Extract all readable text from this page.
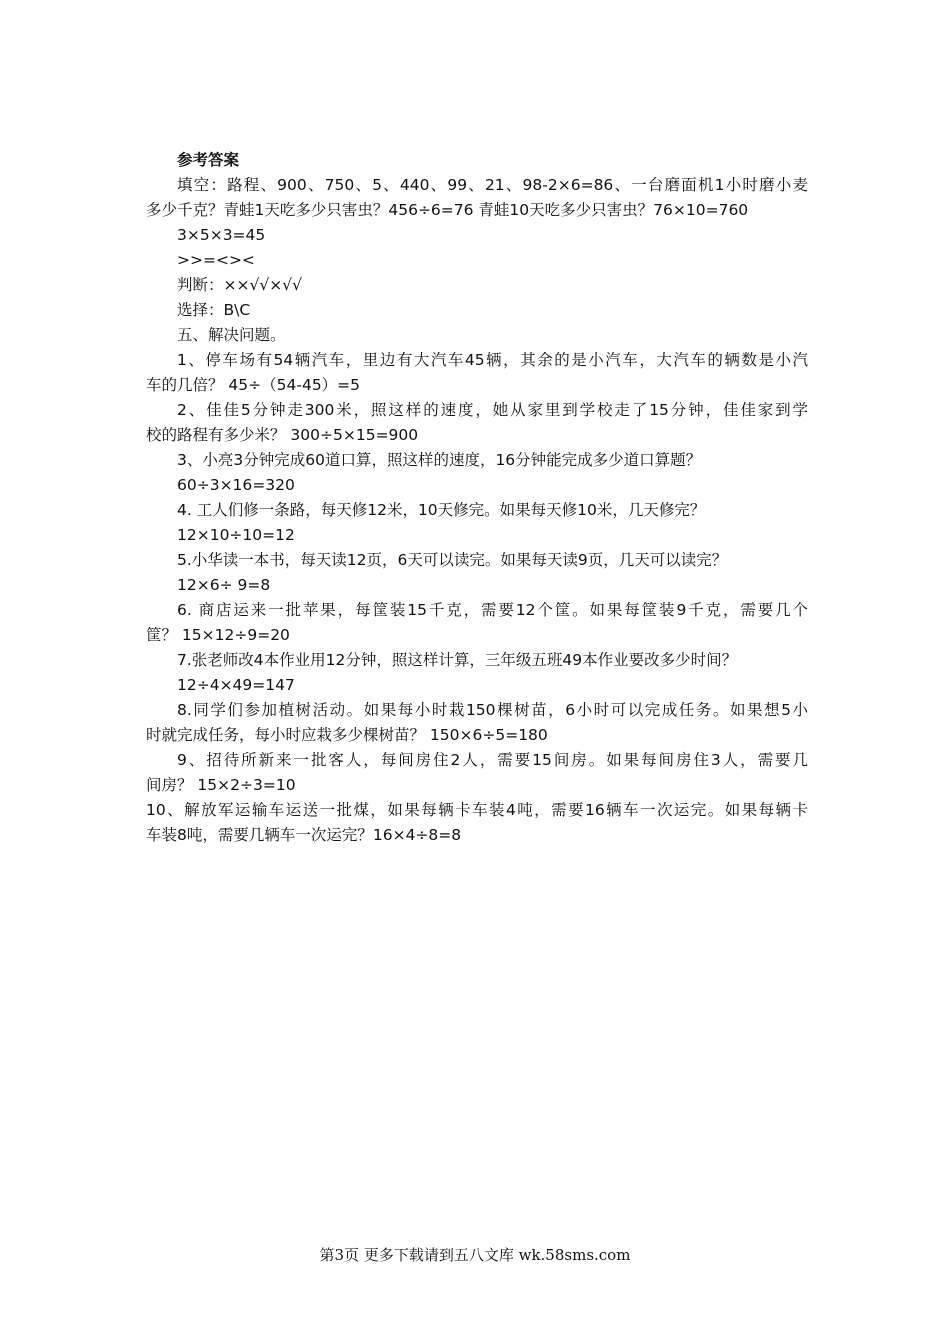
参考答案
填空：路程、900、750、5、440、99、21、98-2×6=86、一台磨面机1小时磨小麦
多少千克？青蛙1天吃多少只害虫？456÷6=76 青蛙10天吃多少只害虫？76×10=760
3×5×3=45
>>=<><
判断：××√√×√√
选择：B\C
五、解决问题。
1、停车场有54辆汽车，里边有大汽车45辆，其余的是小汽车，大汽车的辆数是小汽
车的几倍？ 45÷（54-45）=5
2、佳佳5分钟走300米，照这样的速度，她从家里到学校走了15分钟，佳佳家到学
校的路程有多少米？ 300÷5×15=900
3、小亮3分钟完成60道口算，照这样的速度，16分钟能完成多少道口算题？
60÷3×16=320
4. 工人们修一条路，每天修12米，10天修完。如果每天修10米，几天修完？
12×10÷10=12
5.小华读一本书，每天读12页，6天可以读完。如果每天读9页，几天可以读完？
12×6÷ 9=8
6. 商店运来一批苹果，每筐装15千克，需要12个筐。如果每筐装9千克，需要几个
筐？ 15×12÷9=20
7.张老师改4本作业用12分钟，照这样计算，三年级五班49本作业要改多少时间？
12÷4×49=147
8.同学们参加植树活动。如果每小时栽150棵树苗，6小时可以完成任务。如果想5小
时就完成任务，每小时应栽多少棵树苗？ 150×6÷5=180
9、招待所新来一批客人，每间房住2人，需要15间房。如果每间房住3人，需要几
间房？ 15×2÷3=10
10、解放军运输车运送一批煤，如果每辆卡车装4吨，需要16辆车一次运完。如果每辆卡
车装8吨，需要几辆车一次运完？16×4÷8=8
第3页 更多下载请到五八文库 wk.58sms.com
